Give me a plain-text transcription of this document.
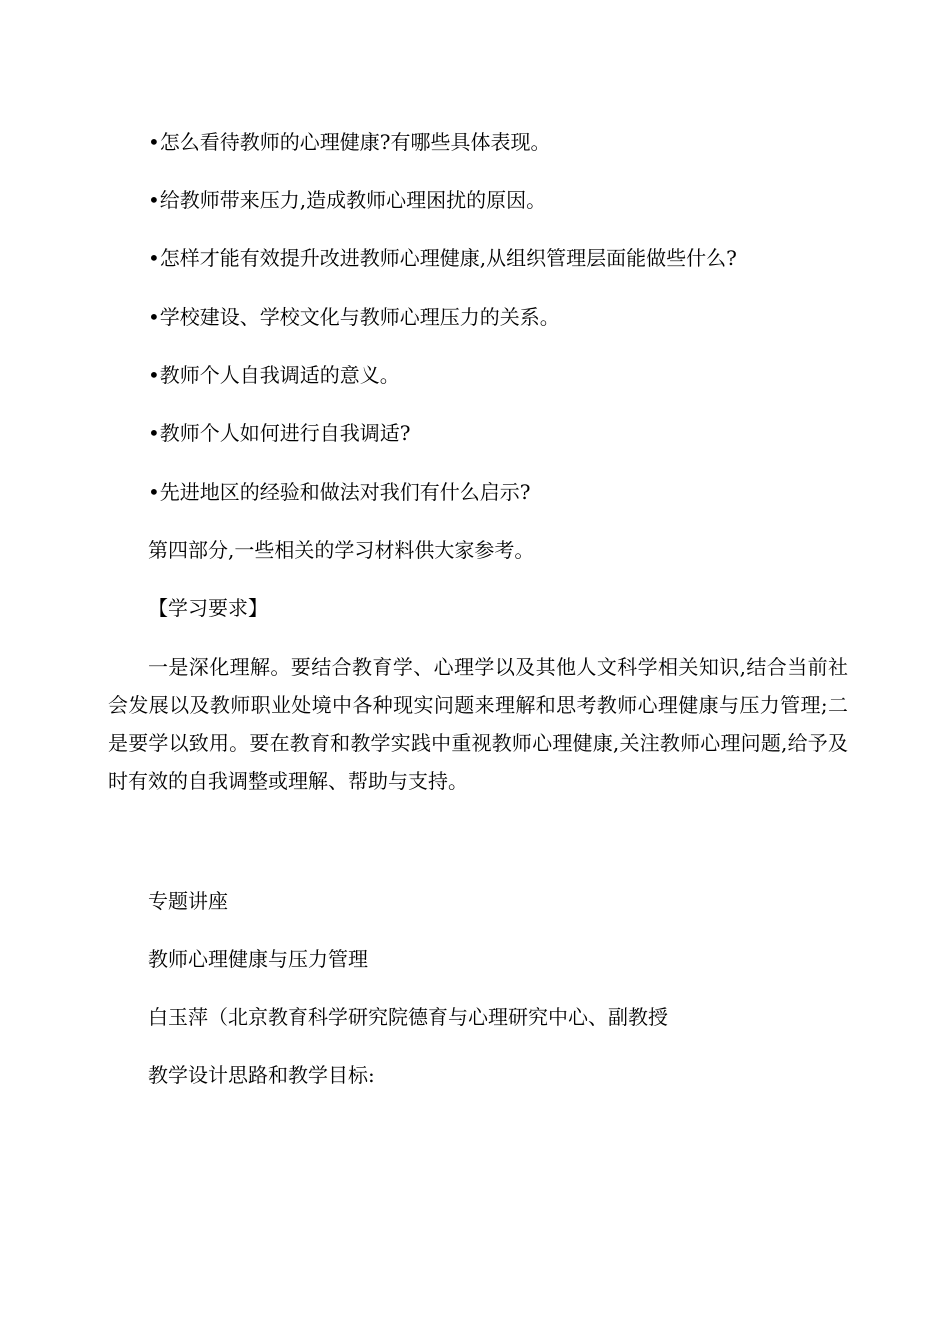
•怎么看待教师的心理健康?有哪些具体表现。
•给教师带来压力,造成教师心理困扰的原因。
•怎样才能有效提升改进教师心理健康,从组织管理层面能做些什么?
•学校建设、学校文化与教师心理压力的关系。
•教师个人自我调适的意义。
•教师个人如何进行自我调适?
•先进地区的经验和做法对我们有什么启示?
第四部分,一些相关的学习材料供大家参考。
【学习要求】
一是深化理解。要结合教育学、心理学以及其他人文科学相关知识,结合当前社会发展以及教师职业处境中各种现实问题来理解和思考教师心理健康与压力管理;二是要学以致用。要在教育和教学实践中重视教师心理健康,关注教师心理问题,给予及时有效的自我调整或理解、帮助与支持。
专题讲座
教师心理健康与压力管理
白玉萍（北京教育科学研究院德育与心理研究中心、副教授
教学设计思路和教学目标:
